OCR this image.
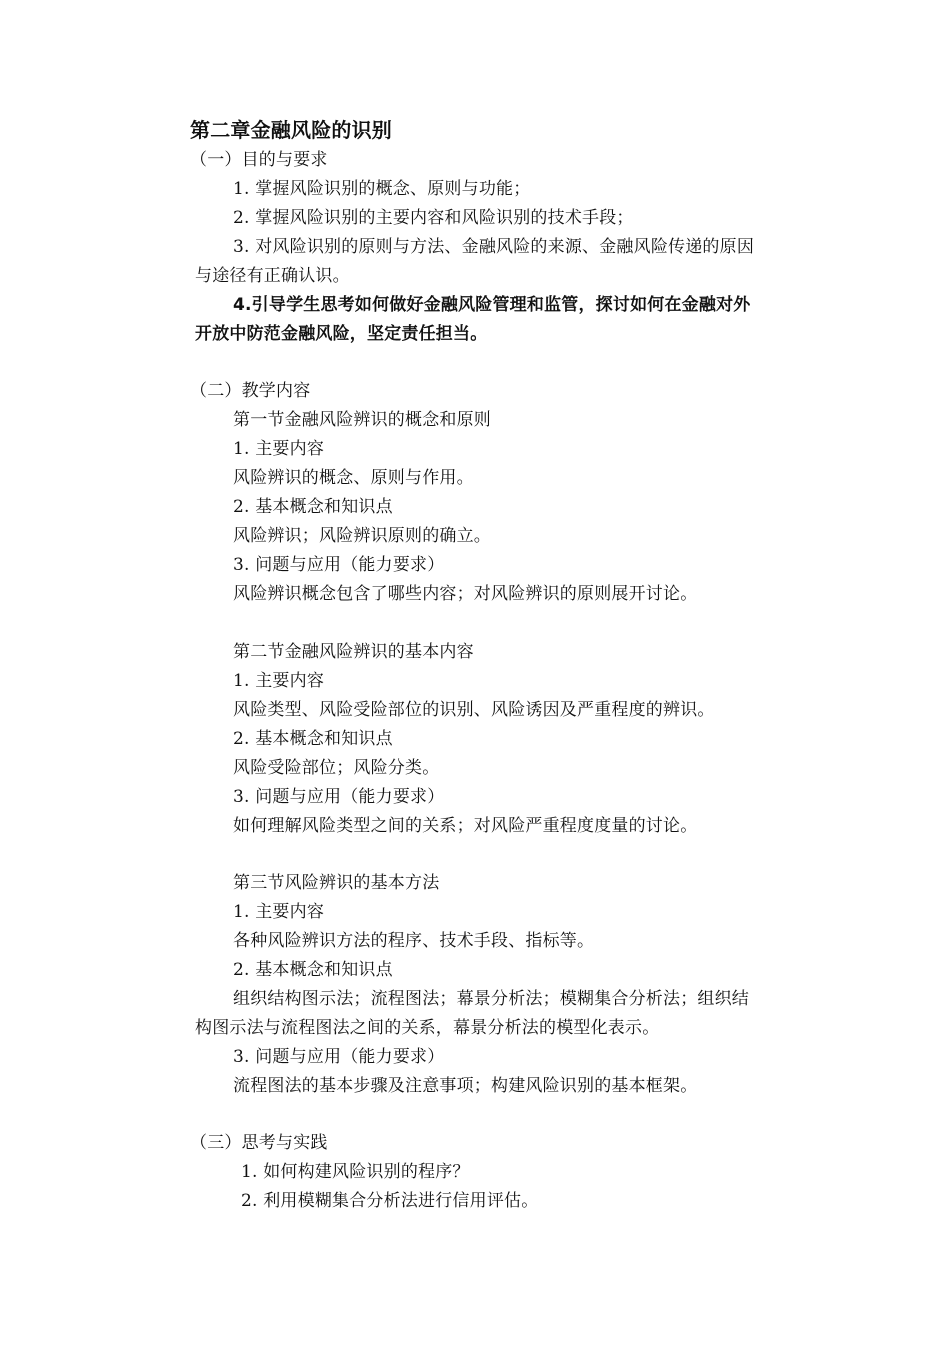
第二章金融风险的识别
（一）目的与要求
1. 掌握风险识别的概念、原则与功能；
2. 掌握风险识别的主要内容和风险识别的技术手段；
3. 对风险识别的原则与方法、金融风险的来源、金融风险传递的原因
与途径有正确认识。
4.引导学生思考如何做好金融风险管理和监管，探讨如何在金融对外
开放中防范金融风险，坚定责任担当。
（二）教学内容
第一节金融风险辨识的概念和原则
1. 主要内容
风险辨识的概念、原则与作用。
2. 基本概念和知识点
风险辨识；风险辨识原则的确立。
3. 问题与应用（能力要求）
风险辨识概念包含了哪些内容；对风险辨识的原则展开讨论。
第二节金融风险辨识的基本内容
1. 主要内容
风险类型、风险受险部位的识别、风险诱因及严重程度的辨识。
2. 基本概念和知识点
风险受险部位；风险分类。
3. 问题与应用（能力要求）
如何理解风险类型之间的关系；对风险严重程度度量的讨论。
第三节风险辨识的基本方法
1. 主要内容
各种风险辨识方法的程序、技术手段、指标等。
2. 基本概念和知识点
组织结构图示法；流程图法；幕景分析法；模糊集合分析法；组织结
构图示法与流程图法之间的关系，幕景分析法的模型化表示。
3. 问题与应用（能力要求）
流程图法的基本步骤及注意事项；构建风险识别的基本框架。
（三）思考与实践
1. 如何构建风险识别的程序？
2. 利用模糊集合分析法进行信用评估。
